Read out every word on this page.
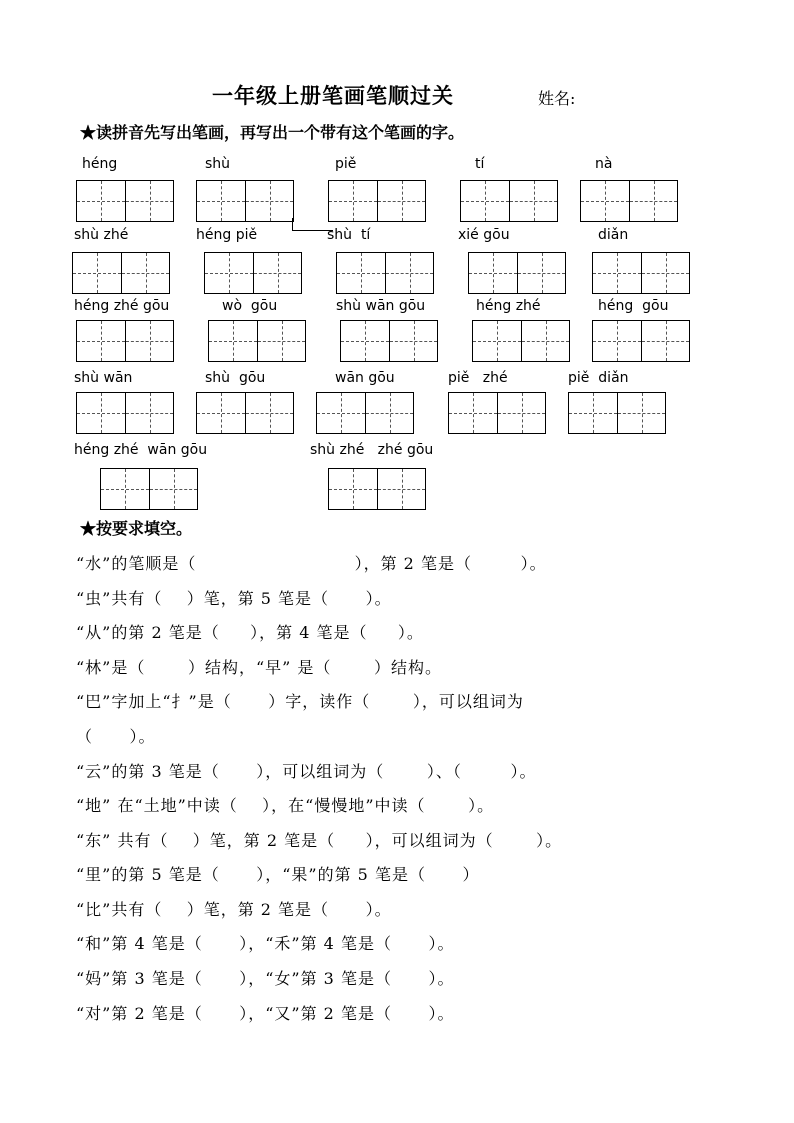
一年级上册笔画笔顺过关	姓名:
★读拼音先写出笔画，再写出一个带有这个笔画的字。
héng	shù	piě	tí	nà
shù zhé	héng piě	shù  tí	xié gōu	diǎn
héng zhé gōu	wò  gōu	shù wān gōu	héng zhé	héng  gōu
shù wān	shù  gōu	wān gōu	piě   zhé	piě  diǎn
héng zhé  wān gōu	shù zhé   zhé gōu
★按要求填空。
“水”的笔顺是（                          ），第 2 笔是（        ）。
“虫”共有（    ）笔，第 5 笔是（      ）。
“从”的第 2 笔是（     ），第 4 笔是（     ）。
“林”是（       ）结构，“早” 是（       ）结构。
“巴”字加上“扌”是（      ）字，读作（       ），可以组词为
（      ）。
“云”的第 3 笔是（      ），可以组词为（       ）、（        ）。
“地” 在“土地”中读（    ），在“慢慢地”中读（       ）。
“东” 共有（    ）笔，第 2 笔是（     ），可以组词为（       ）。
“里”的第 5 笔是（      ），“果”的第 5 笔是（      ）
“比”共有（    ）笔，第 2 笔是（      ）。
“和”第 4 笔是（      ），“禾”第 4 笔是（      ）。
“妈”第 3 笔是（      ），“女”第 3 笔是（      ）。
“对”第 2 笔是（      ），“又”第 2 笔是（      ）。
